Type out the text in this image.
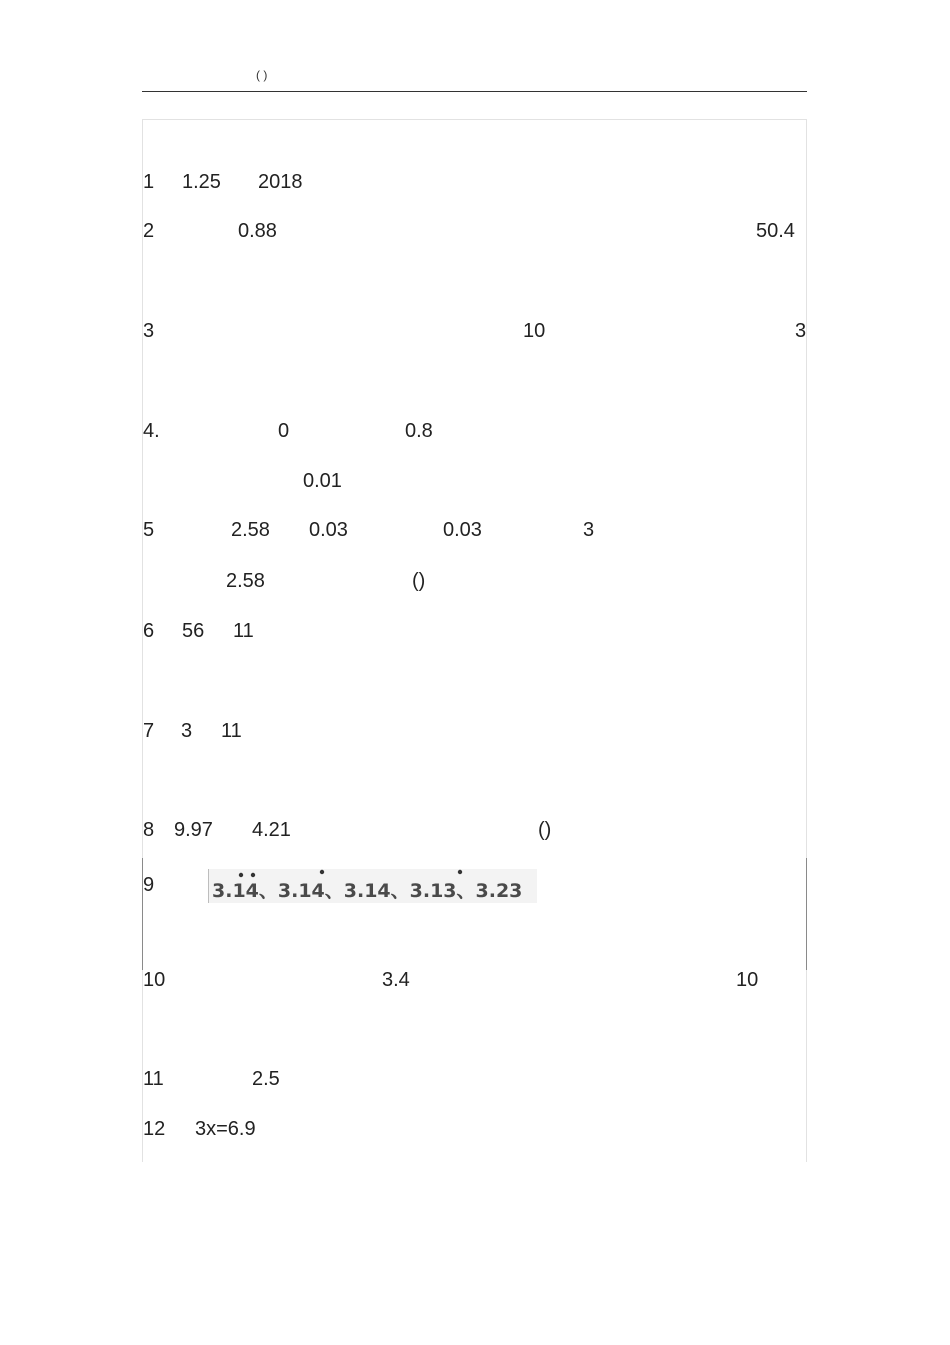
( )
1 1.25 2018
2	0.88	50.4
3	10	3
4.	0	0.8
0.01
5	2.58 0.03	0.03	3
2.58	()
6 56 11
7 3 11
8 9.97 4.21	()
9	3.14、3.14、3.14、3.13、3.23
10	3.4	10
11	2.5
12 3x=6.9
